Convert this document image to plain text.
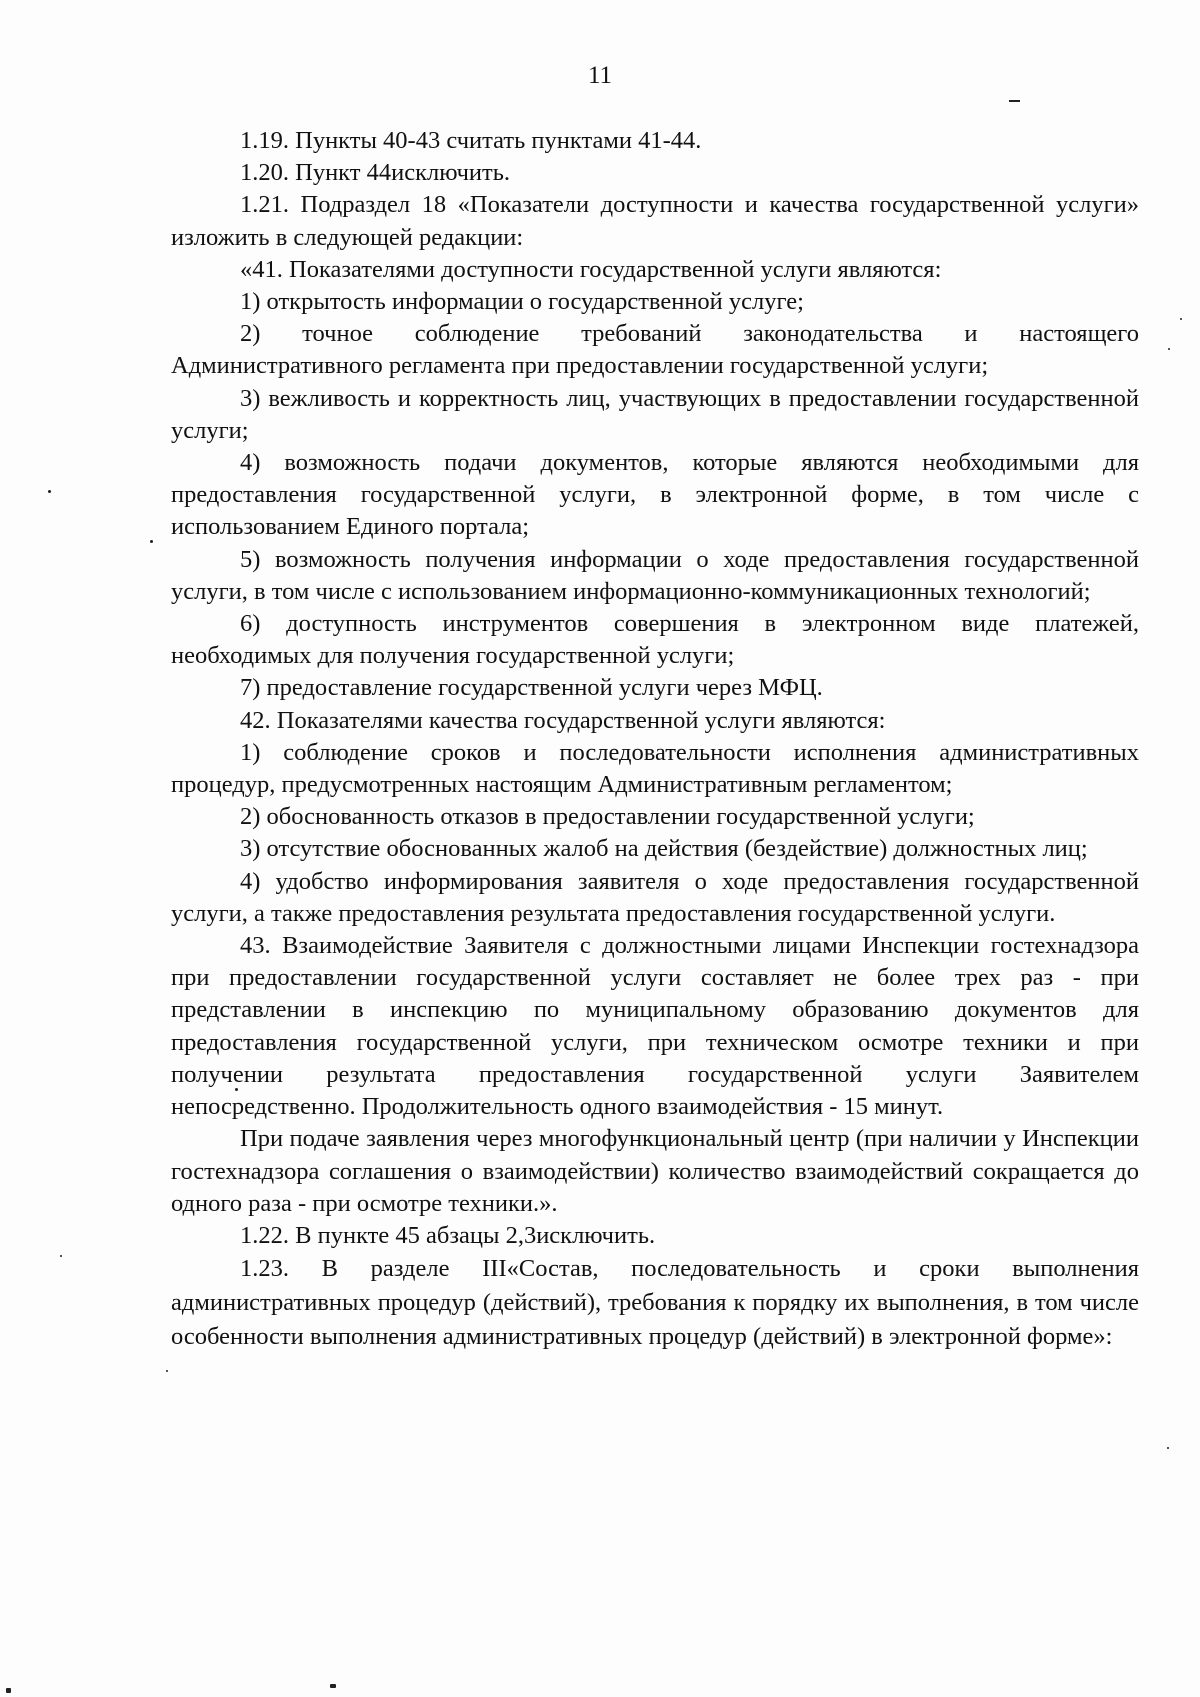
11

1.19. Пункты 40-43 считать пунктами 41-44.

1.20. Пункт 44исключить.

1.21. Подраздел 18 «Показатели доступности и качества государственной услуги» изложить в следующей редакции:

«41. Показателями доступности государственной услуги являются:

1) открытость информации о государственной услуге;

2) точное соблюдение требований законодательства и настоящего Административного регламента при предоставлении государственной услуги;

3) вежливость и корректность лиц, участвующих в предоставлении государственной услуги;

4) возможность подачи документов, которые являются необходимыми для предоставления государственной услуги, в электронной форме, в том числе с использованием Единого портала;

5) возможность получения информации о ходе предоставления государственной услуги, в том числе с использованием информационно-коммуникационных технологий;

6) доступность инструментов совершения в электронном виде платежей, необходимых для получения государственной услуги;

7) предоставление государственной услуги через МФЦ.

42. Показателями качества государственной услуги являются:

1) соблюдение сроков и последовательности исполнения административных процедур, предусмотренных настоящим Административным регламентом;

2) обоснованность отказов в предоставлении государственной услуги;

3) отсутствие обоснованных жалоб на действия (бездействие) должностных лиц;

4) удобство информирования заявителя о ходе предоставления государственной услуги, а также предоставления результата предоставления государственной услуги.

43. Взаимодействие Заявителя с должностными лицами Инспекции гостехнадзора при предоставлении государственной услуги составляет не более трех раз - при представлении в инспекцию по муниципальному образованию документов для предоставления государственной услуги, при техническом осмотре техники и при получении результата предоставления государственной услуги Заявителем непосредственно. Продолжительность одного взаимодействия - 15 минут.

При подаче заявления через многофункциональный центр (при наличии у Инспекции гостехнадзора соглашения о взаимодействии) количество взаимодействий сокращается до одного раза - при осмотре техники.».

1.22. В пункте 45 абзацы 2,3исключить.

1.23. В разделе III«Состав, последовательность и сроки выполнения административных процедур (действий), требования к порядку их выполнения, в том числе особенности выполнения административных процедур (действий) в электронной форме»:
